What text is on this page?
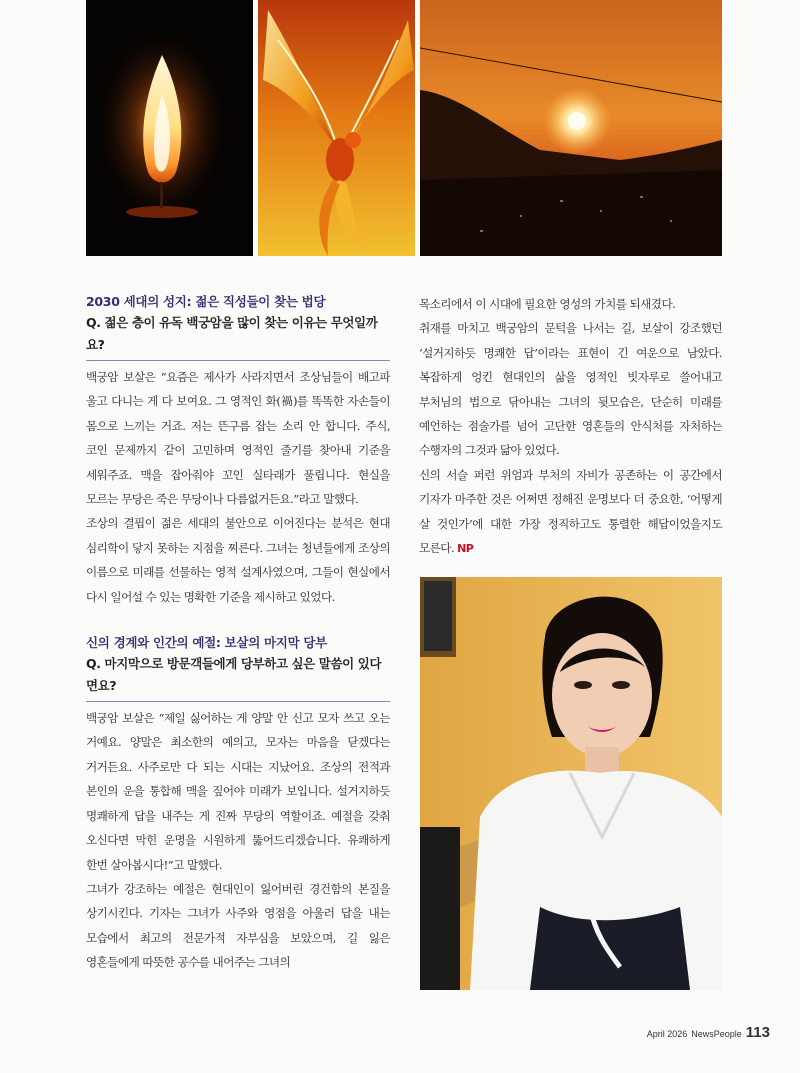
2030 세대의 성지: 젊은 직성들이 찾는 법당

Q. 젊은 층이 유독 백궁암을 많이 찾는 이유는 무엇일까요?

백궁암 보살은 “요즘은 제사가 사라지면서 조상님들이 배고파 울고 다니는 게 다 보여요. 그 영적인 화(禍)를 똑똑한 자손들이 몸으로 느끼는 거죠. 저는 뜬구름 잡는 소리 안 합니다. 주식, 코인 문제까지 같이 고민하며 영적인 줄기를 찾아내 기준을 세워주죠. 맥을 잡아줘야 꼬인 실타래가 풀립니다. 현실을 모르는 무당은 죽은 무당이나 다름없거든요.”라고 말했다.

조상의 결핍이 젊은 세대의 불안으로 이어진다는 분석은 현대 심리학이 닿지 못하는 지점을 찌른다. 그녀는 청년들에게 조상의 이름으로 미래를 선물하는 영적 설계사였으며, 그들이 현실에서 다시 일어설 수 있는 명확한 기준을 제시하고 있었다.

신의 경계와 인간의 예절: 보살의 마지막 당부

Q. 마지막으로 방문객들에게 당부하고 싶은 말씀이 있다면요?

백궁암 보살은 “제일 싫어하는 게 양말 안 신고 모자 쓰고 오는 거예요. 양말은 최소한의 예의고, 모자는 마음을 닫겠다는 거거든요. 사주로만 다 되는 시대는 지났어요. 조상의 전적과 본인의 운을 통합해 맥을 짚어야 미래가 보입니다. 설거지하듯 명쾌하게 답을 내주는 게 진짜 무당의 역할이죠. 예절을 갖춰 오신다면 막힌 운명을 시원하게 뚫어드리겠습니다. 유쾌하게 한번 살아봅시다!”고 말했다.

그녀가 강조하는 예절은 현대인이 잃어버린 경건함의 본질을 상기시킨다. 기자는 그녀가 사주와 영점을 아울러 답을 내는 모습에서 최고의 전문가적 자부심을 보았으며, 길 잃은 영혼들에게 따뜻한 공수를 내어주는 그녀의

목소리에서 이 시대에 필요한 영성의 가치를 되새겼다.

취재를 마치고 백궁암의 문턱을 나서는 길, 보살이 강조했던 ‘설거지하듯 명쾌한 답’이라는 표현이 긴 여운으로 남았다. 복잡하게 엉킨 현대인의 삶을 영적인 빗자루로 쓸어내고 부처님의 법으로 닦아내는 그녀의 뒷모습은, 단순히 미래를 예언하는 점술가를 넘어 고단한 영혼들의 안식처를 자처하는 수행자의 그것과 닮아 있었다.

신의 서슬 퍼런 위엄과 부처의 자비가 공존하는 이 공간에서 기자가 마주한 것은 어쩌면 정해진 운명보다 더 중요한, ‘어떻게 살 것인가’에 대한 가장 정직하고도 통렬한 해답이었을지도 모른다. NP

April 2026 NewsPeople 113
